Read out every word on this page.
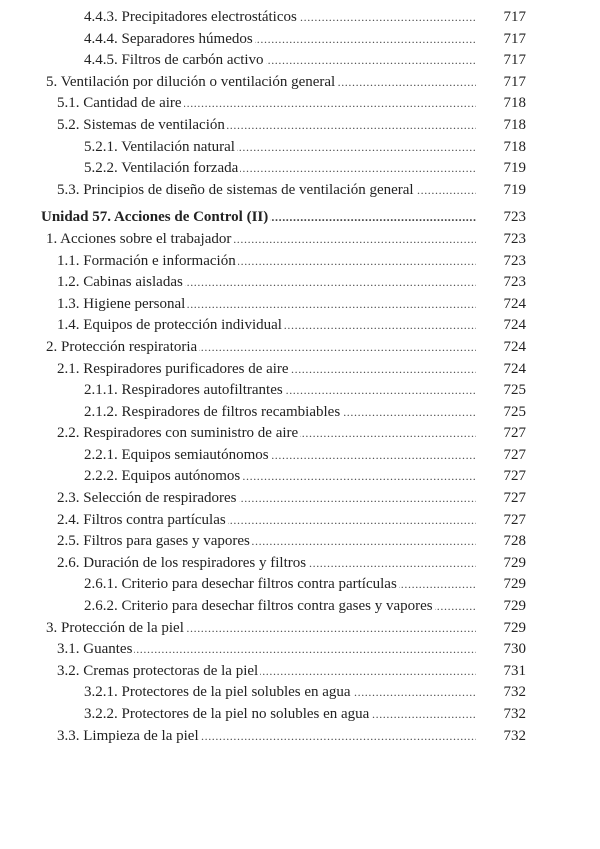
4.4.3. Precipitadores electrostáticos .....	717
4.4.4. Separadores húmedos .....	717
4.4.5. Filtros de carbón activo .....	717
5. Ventilación por dilución o ventilación general .....	717
5.1. Cantidad de aire .....	718
5.2. Sistemas de ventilación .....	718
5.2.1. Ventilación natural .....	718
5.2.2. Ventilación forzada .....	719
5.3. Principios de diseño de sistemas de ventilación general .....	719
Unidad 57. Acciones de Control (II) .....	723
1. Acciones sobre el trabajador .....	723
1.1. Formación e información .....	723
1.2. Cabinas aisladas .....	723
1.3. Higiene personal .....	724
1.4. Equipos de protección individual .....	724
2. Protección respiratoria .....	724
2.1. Respiradores purificadores de aire .....	724
2.1.1. Respiradores autofiltrantes .....	725
2.1.2. Respiradores de filtros recambiables .....	725
2.2. Respiradores con suministro de aire .....	727
2.2.1. Equipos semiautónomos .....	727
2.2.2. Equipos autónomos .....	727
2.3. Selección de respiradores .....	727
2.4. Filtros contra partículas .....	727
2.5. Filtros para gases y vapores .....	728
2.6. Duración de los respiradores y filtros .....	729
2.6.1. Criterio para desechar filtros contra partículas .....	729
2.6.2. Criterio para desechar filtros contra gases y vapores .....	729
3. Protección de la piel .....	729
3.1. Guantes .....	730
3.2. Cremas protectoras de la piel .....	731
3.2.1. Protectores de la piel solubles en agua .....	732
3.2.2. Protectores de la piel no solubles en agua .....	732
3.3. Limpieza de la piel .....	732
